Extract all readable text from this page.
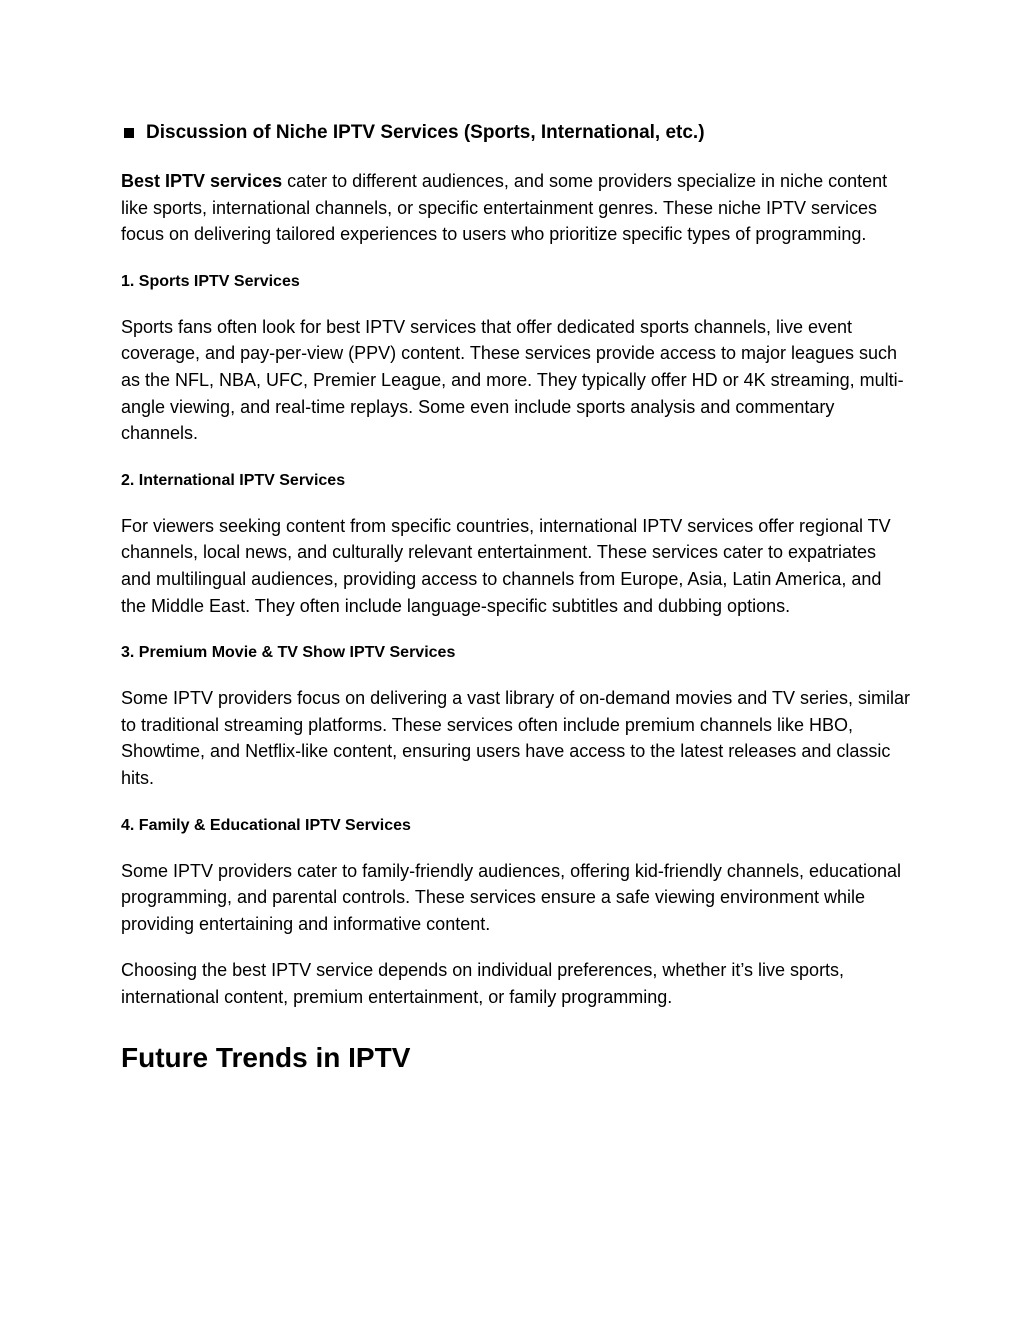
Discussion of Niche IPTV Services (Sports, International, etc.)

Best IPTV services cater to different audiences, and some providers specialize in niche content like sports, international channels, or specific entertainment genres. These niche IPTV services focus on delivering tailored experiences to users who prioritize specific types of programming.

1. Sports IPTV Services

Sports fans often look for best IPTV services that offer dedicated sports channels, live event coverage, and pay-per-view (PPV) content. These services provide access to major leagues such as the NFL, NBA, UFC, Premier League, and more. They typically offer HD or 4K streaming, multi-angle viewing, and real-time replays. Some even include sports analysis and commentary channels.

2. International IPTV Services

For viewers seeking content from specific countries, international IPTV services offer regional TV channels, local news, and culturally relevant entertainment. These services cater to expatriates and multilingual audiences, providing access to channels from Europe, Asia, Latin America, and the Middle East. They often include language-specific subtitles and dubbing options.

3. Premium Movie & TV Show IPTV Services

Some IPTV providers focus on delivering a vast library of on-demand movies and TV series, similar to traditional streaming platforms. These services often include premium channels like HBO, Showtime, and Netflix-like content, ensuring users have access to the latest releases and classic hits.

4. Family & Educational IPTV Services

Some IPTV providers cater to family-friendly audiences, offering kid-friendly channels, educational programming, and parental controls. These services ensure a safe viewing environment while providing entertaining and informative content.

Choosing the best IPTV service depends on individual preferences, whether it’s live sports, international content, premium entertainment, or family programming.

Future Trends in IPTV
